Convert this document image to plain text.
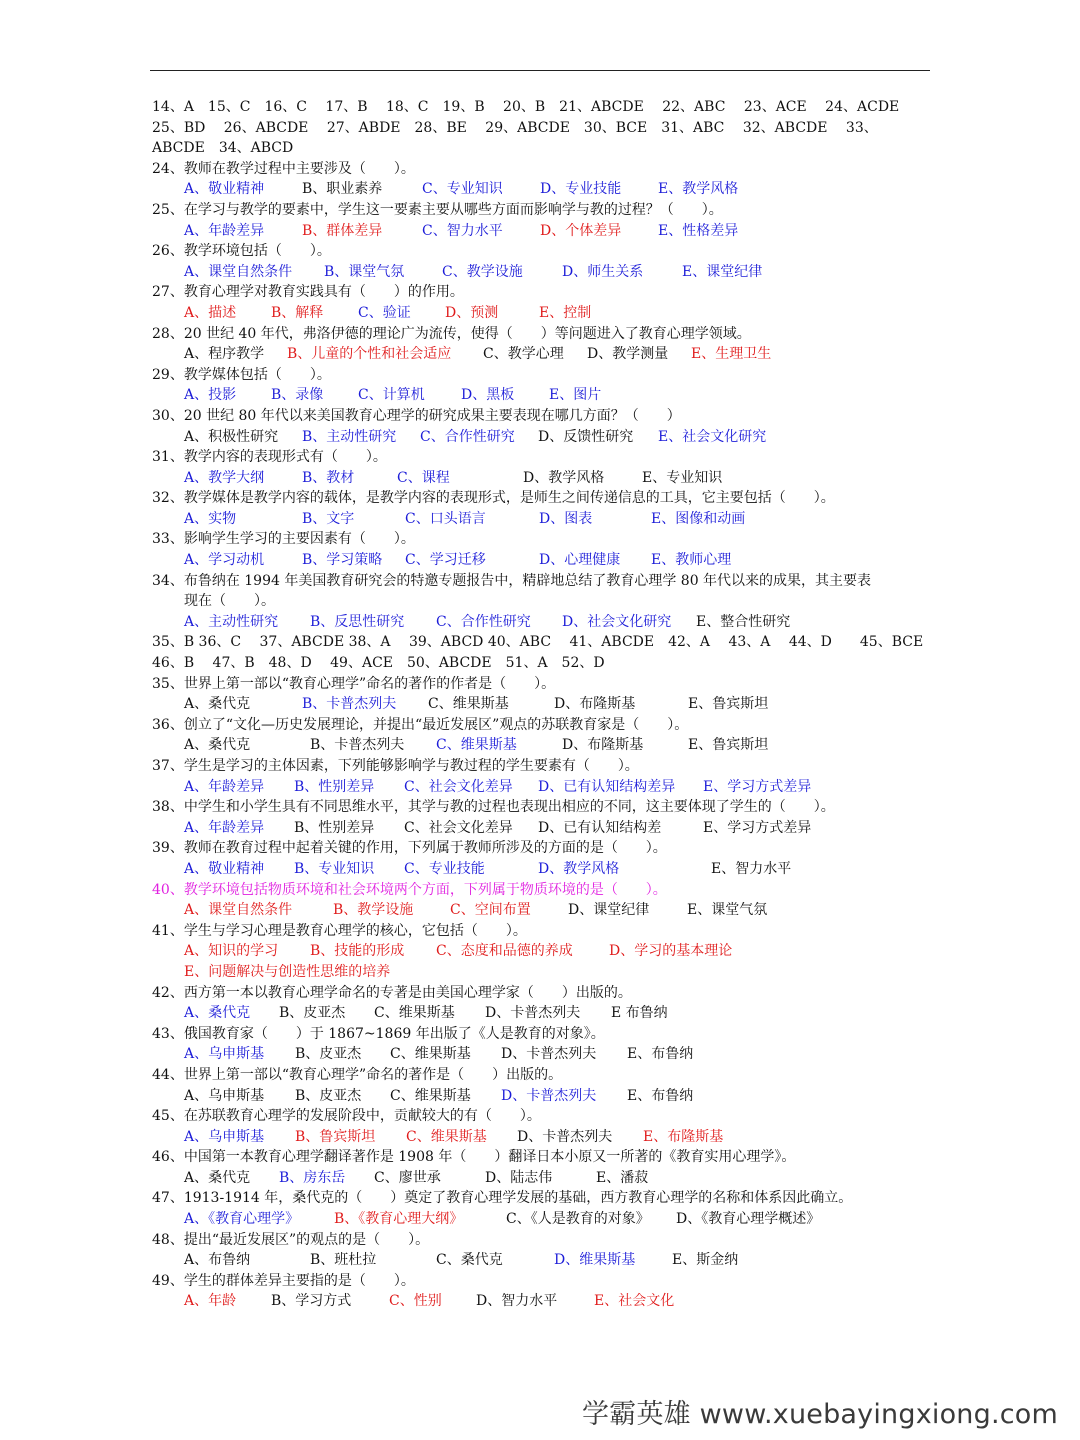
14、A　15、C　16、C　 17、B　 18、C　19、B　 20、B　21、ABCDE　 22、ABC　 23、ACE　 24、ACDE
25、BD　 26、ABCDE　 27、ABDE　28、BE　 29、ABCDE　30、BCE　31、ABC　 32、ABCDE　 33、
ABCDE　34、ABCD
24、教师在教学过程中主要涉及（　　）。
A、敬业精神	B、职业素养	C、专业知识	D、专业技能	E、教学风格
25、在学习与教学的要素中，学生这一要素主要从哪些方面而影响学与教的过程？（　　）。
A、年龄差异	B、群体差异	C、智力水平	D、个体差异	E、性格差异
26、教学环境包括（　　）。
A、课堂自然条件 B、课堂气氛	C、教学设施	D、师生关系	E、课堂纪律
27、教育心理学对教育实践具有（　　）的作用。
A、描述 B、解释 C、验证 D、预测	E、控制
28、20 世纪 40 年代，弗洛伊德的理论广为流传，使得（　　）等问题进入了教育心理学领域。
A、程序教学 B、儿童的个性和社会适应 C、教学心理 D、教学测量 E、生理卫生
29、教学媒体包括（　　）。
A、投影 B、录像 C、计算机	D、黑板 E、图片
30、20 世纪 80 年代以来美国教育心理学的研究成果主要表现在哪几方面？（　　）
A、积极性研究 B、主动性研究 C、合作性研究 D、反馈性研究 E、社会文化研究
31、教学内容的表现形式有（　　）。
A、教学大纲	B、教材	C、课程	D、教学风格	E、专业知识
32、教学媒体是教学内容的载体，是教学内容的表现形式，是师生之间传递信息的工具，它主要包括（　　）。
A、实物	B、文字	C、口头语言	D、图表	E、图像和动画
33、影响学生学习的主要因素有（　　）。
A、学习动机	B、学习策略 C、学习迁移	D、心理健康 E、教师心理
34、布鲁纳在 1994 年美国教育研究会的特邀专题报告中，精辟地总结了教育心理学 80 年代以来的成果，其主要表
现在（　　）。
A、主动性研究 B、反思性研究 C、合作性研究 D、社会文化研究 E、整合性研究
35、B 36、C　 37、ABCDE 38、A　 39、ABCD 40、ABC　 41、ABCDE　42、A　 43、A　 44、D　　45、BCE
46、B　 47、B　48、D　 49、ACE　50、ABCDE　51、A　52、D
35、世界上第一部以“教育心理学”命名的著作的作者是（　　）。
A、桑代克	B、卡普杰列夫 C、维果斯基	D、布隆斯基	E、鲁宾斯坦
36、创立了“文化—历史发展理论，并提出“最近发展区”观点的苏联教育家是（　　）。
A、桑代克	B、卡普杰列夫 C、维果斯基	D、布隆斯基	E、鲁宾斯坦
37、学生是学习的主体因素，下列能够影响学与教过程的学生要素有（　　）。
A、年龄差异 B、性别差异 C、社会文化差异 D、已有认知结构差异 E、学习方式差异
38、中学生和小学生具有不同思维水平，其学与教的过程也表现出相应的不同，这主要体现了学生的（　　）。
A、年龄差异 B、性别差异 C、社会文化差异 D、已有认知结构差	E、学习方式差异
39、教师在教育过程中起着关键的作用，下列属于教师所涉及的方面的是（　　）。
A、敬业精神 B、专业知识 C、专业技能	D、教学风格	E、智力水平
40、教学环境包括物质环境和社会环境两个方面，下列属于物质环境的是（　　）。
A、课堂自然条件	B、教学设施	C、空间布置	D、课堂纪律	E、课堂气氛
41、学生与学习心理是教育心理学的核心，它包括（　　）。
A、知识的学习 B、技能的形成 C、态度和品德的养成	D、学习的基本理论
E、问题解决与创造性思维的培养
42、西方第一本以教育心理学命名的专著是由美国心理学家（　　）出版的。
A、桑代克 B、皮亚杰 C、维果斯基 D、卡普杰列夫 E 布鲁纳
43、俄国教育家（　　）于 1867~1869 年出版了《人是教育的对象》。
A、乌申斯基 B、皮亚杰 C、维果斯基 D、卡普杰列夫 E、布鲁纳
44、世界上第一部以“教育心理学”命名的著作是（　　）出版的。
A、乌申斯基 B、皮亚杰 C、维果斯基 D、卡普杰列夫 E、布鲁纳
45、在苏联教育心理学的发展阶段中，贡献较大的有（　　）。
A、乌申斯基 B、鲁宾斯坦 C、维果斯基 D、卡普杰列夫 E、布隆斯基
46、中国第一本教育心理学翻译著作是 1908 年（　　）翻译日本小原又一所著的《教育实用心理学》。
A、桑代克 B、房东岳 C、廖世承	D、陆志伟	E、潘菽
47、1913-1914 年，桑代克的（　　）奠定了教育心理学发展的基础，西方教育心理学的名称和体系因此确立。
A、《教育心理学》 B、《教育心理大纲》	C、《人是教育的对象》 D、《教育心理学概述》
48、提出“最近发展区”的观点的是（　　）。
A、布鲁纳	B、班杜拉	C、桑代克	D、维果斯基	E、斯金纳
49、学生的群体差异主要指的是（　　）。
A、年龄 B、学习方式	C、性别 D、智力水平	E、社会文化
学霸英雄 www.xuebayingxiong.com
